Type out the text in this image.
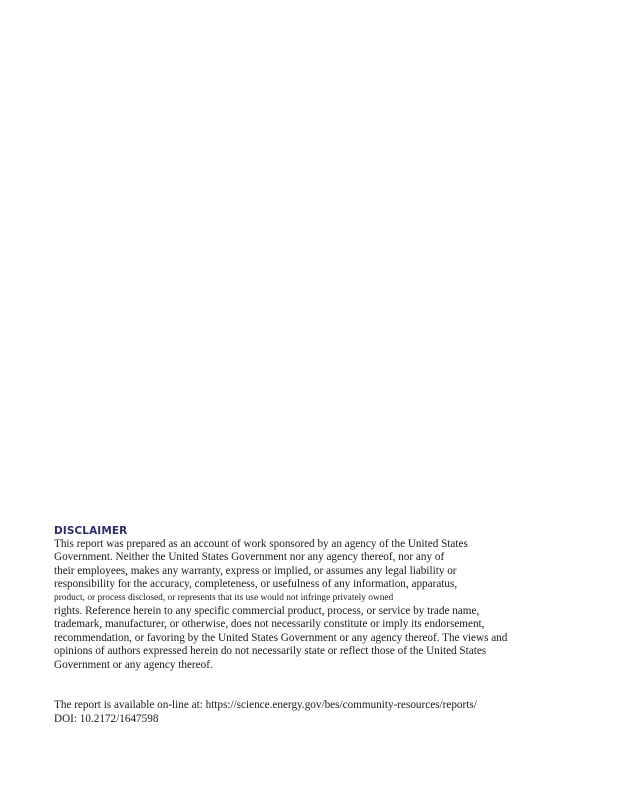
DISCLAIMER

This report was prepared as an account of work sponsored by an agency of the United States

Government. Neither the United States Government nor any agency thereof, nor any of

their employees, makes any warranty, express or implied, or assumes any legal liability or

responsibility for the accuracy, completeness, or usefulness of any information, apparatus,

product, or process disclosed, or represents that its use would not infringe privately owned

rights. Reference herein to any specific commercial product, process, or service by trade name,

trademark, manufacturer, or otherwise, does not necessarily constitute or imply its endorsement,

recommendation, or favoring by the United States Government or any agency thereof. The views and

opinions of authors expressed herein do not necessarily state or reflect those of the United States

Government or any agency thereof.

The report is available on-line at: https://science.energy.gov/bes/community-resources/reports/

DOI: 10.2172/1647598
